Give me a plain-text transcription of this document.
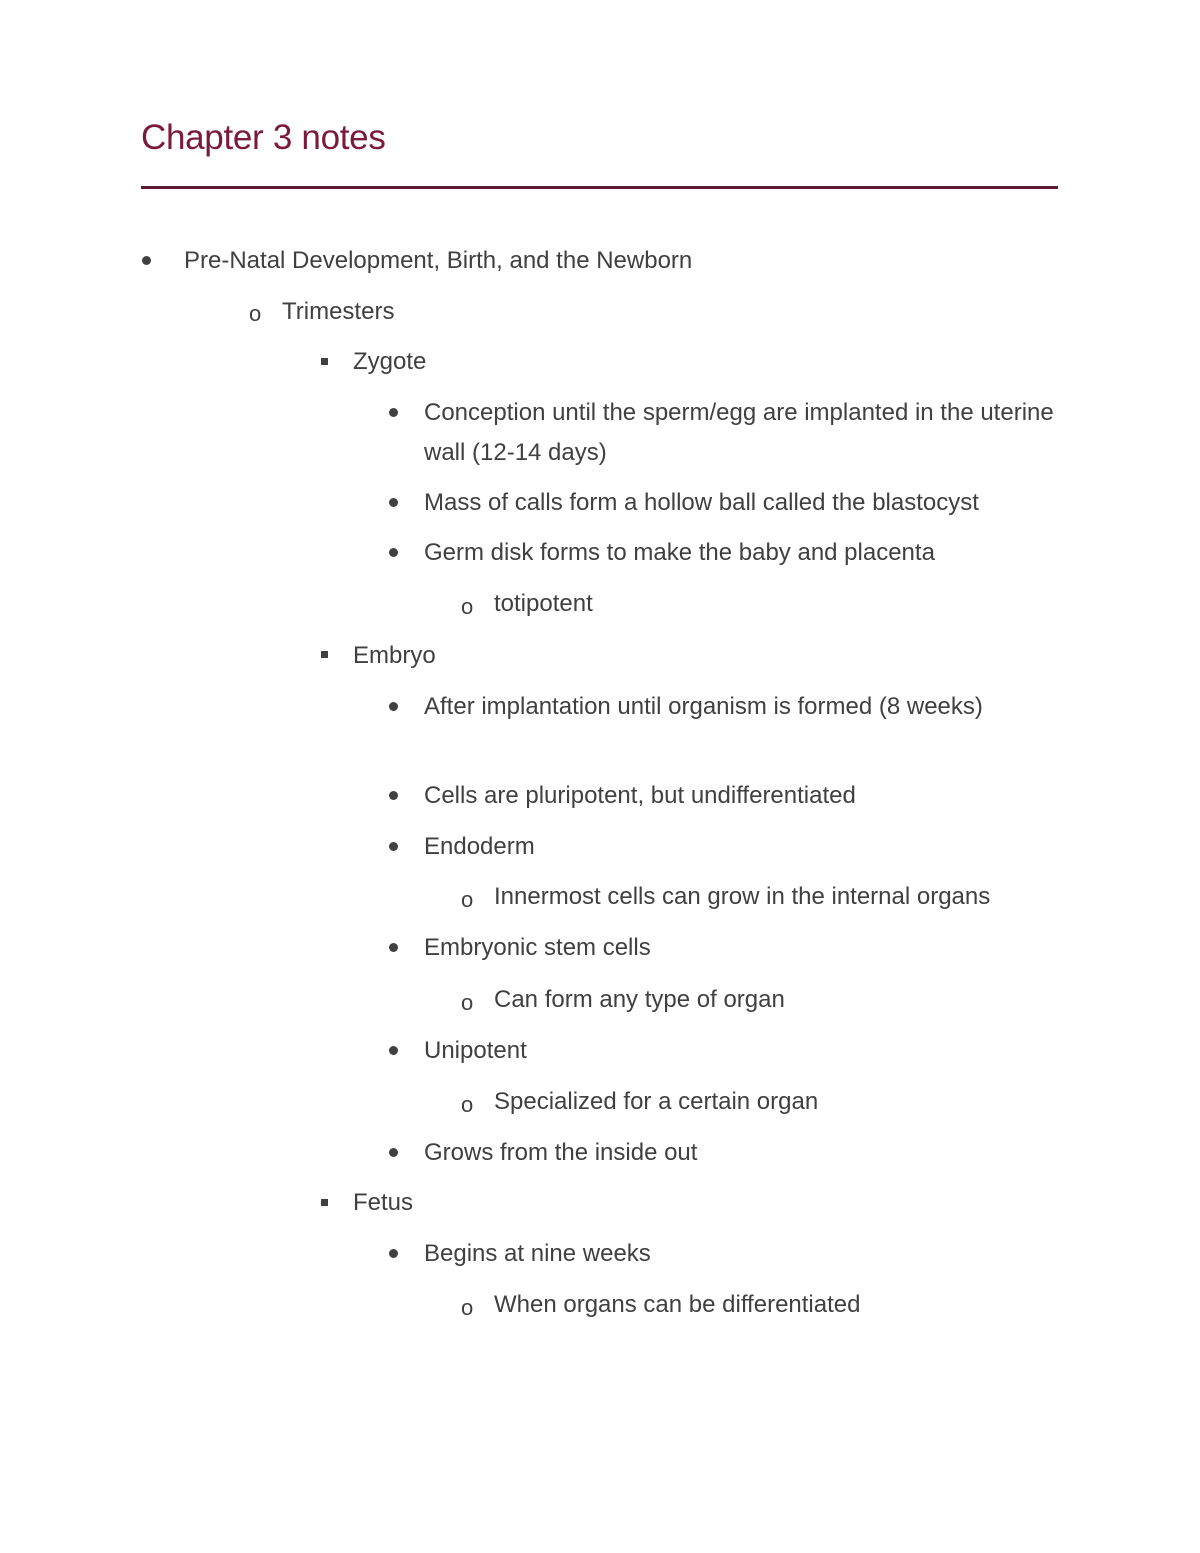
Chapter 3 notes
Pre-Natal Development, Birth, and the Newborn
o Trimesters
Zygote
Conception until the sperm/egg are implanted in the uterine wall (12-14 days)
Mass of calls form a hollow ball called the blastocyst
Germ disk forms to make the baby and placenta
o totipotent
Embryo
After implantation until organism is formed (8 weeks)
Cells are pluripotent, but undifferentiated
Endoderm
o Innermost cells can grow in the internal organs
Embryonic stem cells
o Can form any type of organ
Unipotent
o Specialized for a certain organ
Grows from the inside out
Fetus
Begins at nine weeks
o When organs can be differentiated
